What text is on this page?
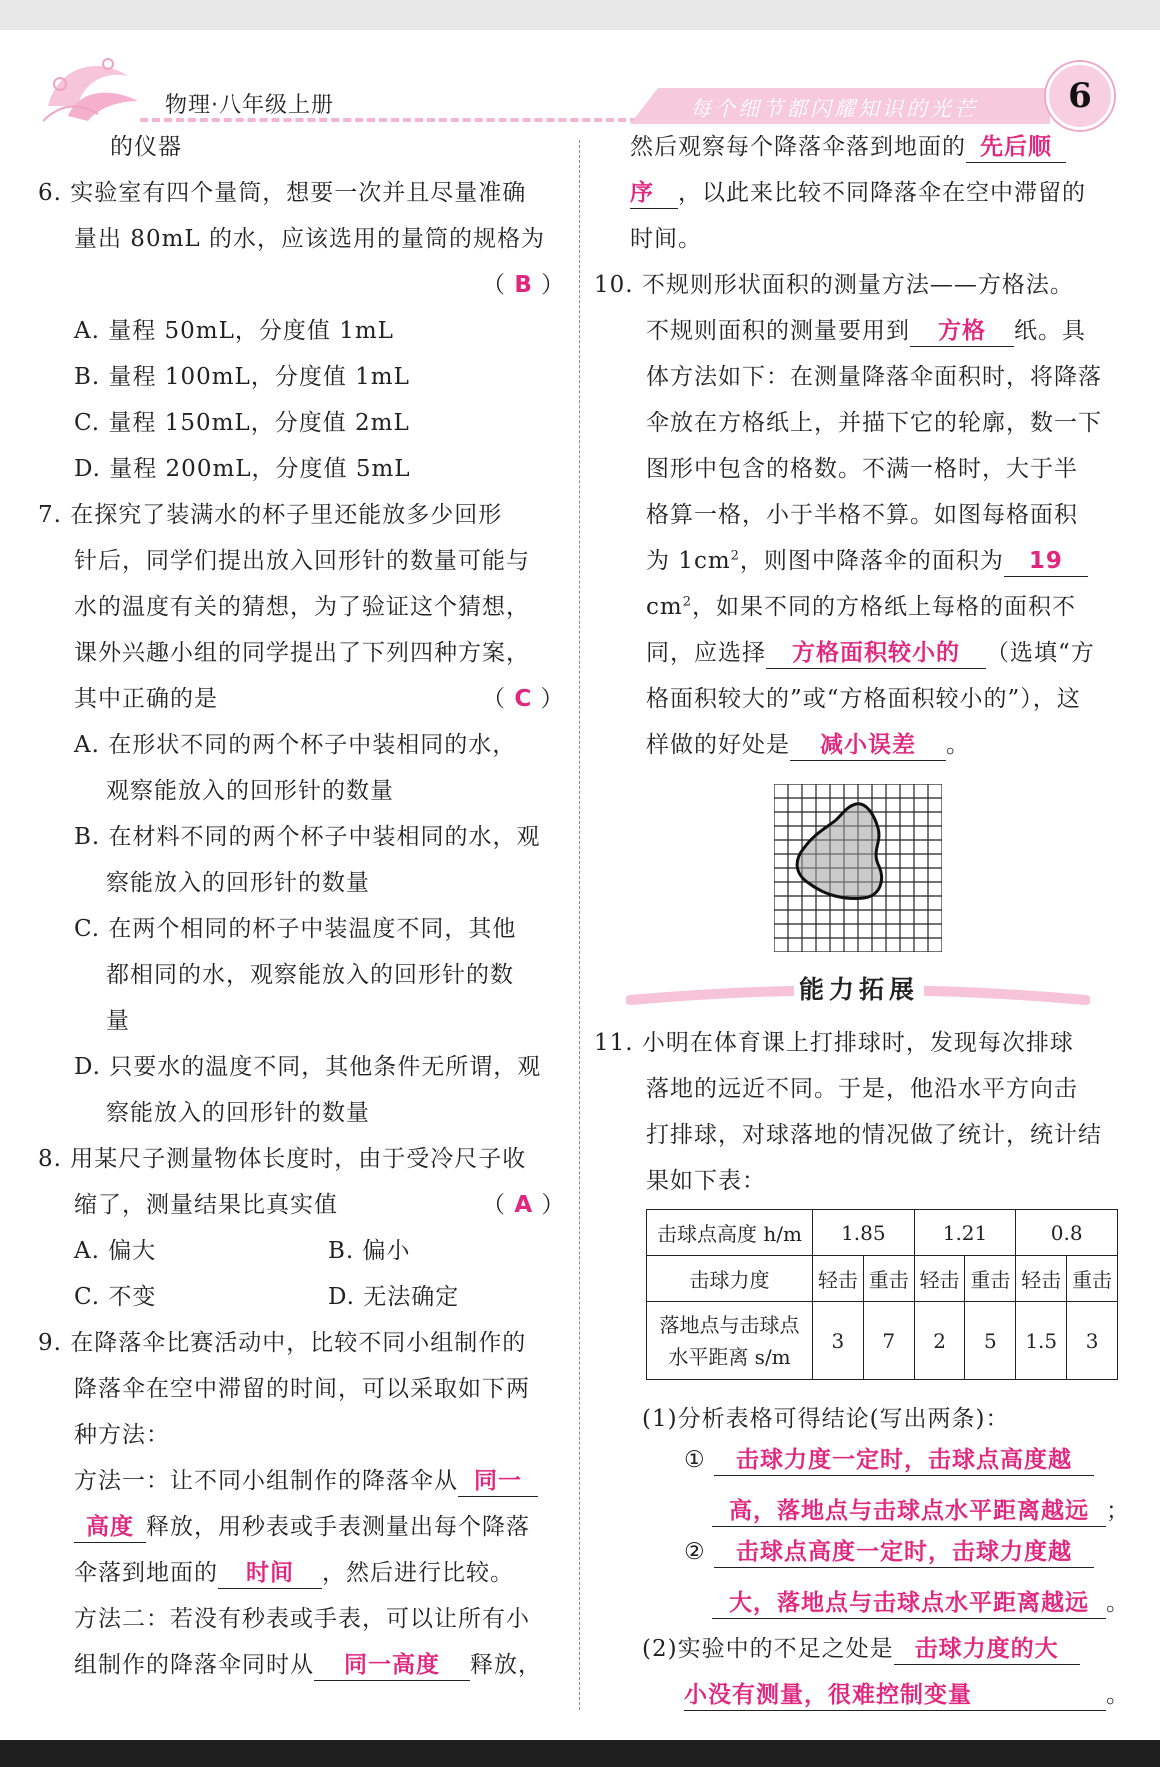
物理·八年级上册	每个细节都闪耀知识的光芒	6
的仪器
6. 实验室有四个量筒，想要一次并且尽量准确
量出 80mL 的水，应该选用的量筒的规格为
（ B ）
A. 量程 50mL，分度值 1mL
B. 量程 100mL，分度值 1mL
C. 量程 150mL，分度值 2mL
D. 量程 200mL，分度值 5mL
7. 在探究了装满水的杯子里还能放多少回形
针后，同学们提出放入回形针的数量可能与
水的温度有关的猜想，为了验证这个猜想，
课外兴趣小组的同学提出了下列四种方案，
其中正确的是	（ C ）
A. 在形状不同的两个杯子中装相同的水，
观察能放入的回形针的数量
B. 在材料不同的两个杯子中装相同的水，观
察能放入的回形针的数量
C. 在两个相同的杯子中装温度不同，其他
都相同的水，观察能放入的回形针的数
量
D. 只要水的温度不同，其他条件无所谓，观
察能放入的回形针的数量
8. 用某尺子测量物体长度时，由于受冷尺子收
缩了，测量结果比真实值	（ A ）
A. 偏大	B. 偏小
C. 不变	D. 无法确定
9. 在降落伞比赛活动中，比较不同小组制作的
降落伞在空中滞留的时间，可以采取如下两
种方法：
方法一：让不同小组制作的降落伞从 同一
高度 释放，用秒表或手表测量出每个降落
伞落到地面的 时间 ，然后进行比较。
方法二：若没有秒表或手表，可以让所有小
组制作的降落伞同时从 同一高度 释放，
然后观察每个降落伞落到地面的 先后顺
序 ，以此来比较不同降落伞在空中滞留的
时间。
10. 不规则形状面积的测量方法——方格法。
不规则面积的测量要用到 方格 纸。具
体方法如下：在测量降落伞面积时，将降落
伞放在方格纸上，并描下它的轮廓，数一下
图形中包含的格数。不满一格时，大于半
格算一格，小于半格不算。如图每格面积
为 $1cm^2$，则图中降落伞的面积为 19
$cm^2$，如果不同的方格纸上每格的面积不
同，应选择 方格面积较小的 （选填“方
格面积较大的”或“方格面积较小的”），这
样做的好处是 减小误差 。
11. 小明在体育课上打排球时，发现每次排球
落地的远近不同。于是，他沿水平方向击
打排球，对球落地的情况做了统计，统计结
果如下表：
(1)分析表格可得结论(写出两条)：
① 击球力度一定时，击球点高度越
高，落地点与击球点水平距离越远 ；
② 击球点高度一定时，击球力度越
大，落地点与击球点水平距离越远 。
(2)实验中的不足之处是 击球力度的大
小没有测量，很难控制变量	。
能力拓展
击球点高度 h/m	1.85		1.21		0.8	
击球力度	轻击	重击	轻击	重击	轻击	重击

落地点与击球点
水平距离 s/m	3	7	2	5	1.5	3
